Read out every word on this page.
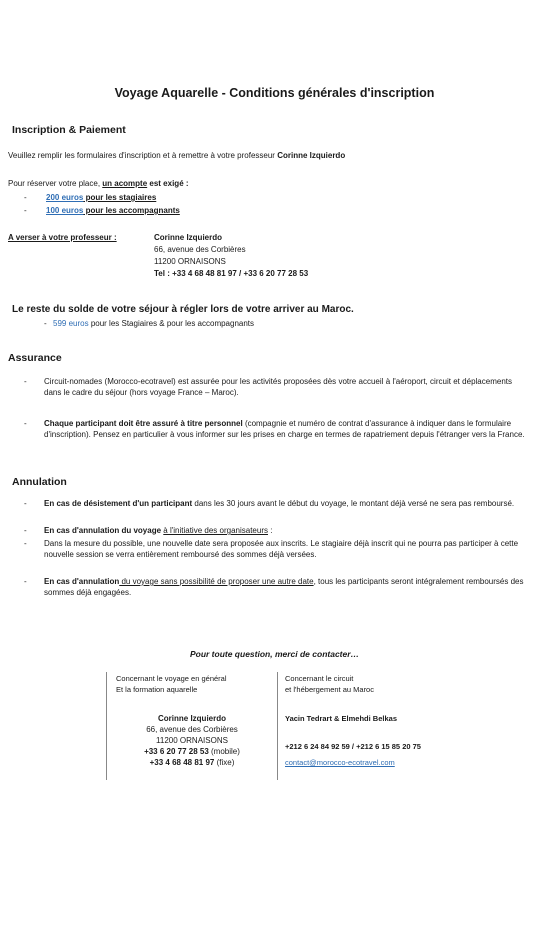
Voyage Aquarelle - Conditions générales d'inscription
Inscription & Paiement
Veuillez remplir les formulaires d'inscription et à remettre à votre professeur Corinne Izquierdo
Pour réserver votre place, un acompte est exigé :
- 200 euros pour les stagiaires
- 100 euros pour les accompagnants
A verser à votre professeur :	Corinne Izquierdo
66, avenue des Corbières
11200 ORNAISONS
Tel : +33 4 68 48 81 97 / +33 6 20 77 28 53
Le reste du solde de votre séjour à régler lors de votre arriver au Maroc.
- 599 euros pour les Stagiaires & pour les accompagnants
Assurance
- Circuit-nomades (Morocco-ecotravel) est assurée pour les activités proposées dès votre accueil à l'aéroport, circuit et déplacements dans le cadre du séjour (hors voyage France – Maroc).
- Chaque participant doit être assuré à titre personnel (compagnie et numéro de contrat d'assurance à indiquer dans le formulaire d'inscription). Pensez en particulier à vous informer sur les prises en charge en termes de rapatriement depuis l'étranger vers la France.
Annulation
- En cas de désistement d'un participant dans les 30 jours avant le début du voyage, le montant déjà versé ne sera pas remboursé.
- En cas d'annulation du voyage à l'initiative des organisateurs :
- Dans la mesure du possible, une nouvelle date sera proposée aux inscrits. Le stagiaire déjà inscrit qui ne pourra pas participer à cette nouvelle session se verra entièrement remboursé des sommes déjà versées.
- En cas d'annulation du voyage sans possibilité de proposer une autre date, tous les participants seront intégralement remboursés des sommes déjà engagées.
Pour toute question, merci de contacter…
Concernant le voyage en général
Et la formation aquarelle
Corinne Izquierdo
66, avenue des Corbières
11200 ORNAISONS
+33 6 20 77 28 53 (mobile)
+33 4 68 48 81 97 (fixe)
Concernant le circuit
et l'hébergement au Maroc
Yacin Tedrart & Elmehdi Belkas
+212 6 24 84 92 59 / +212 6 15 85 20 75
contact@morocco-ecotravel.com
